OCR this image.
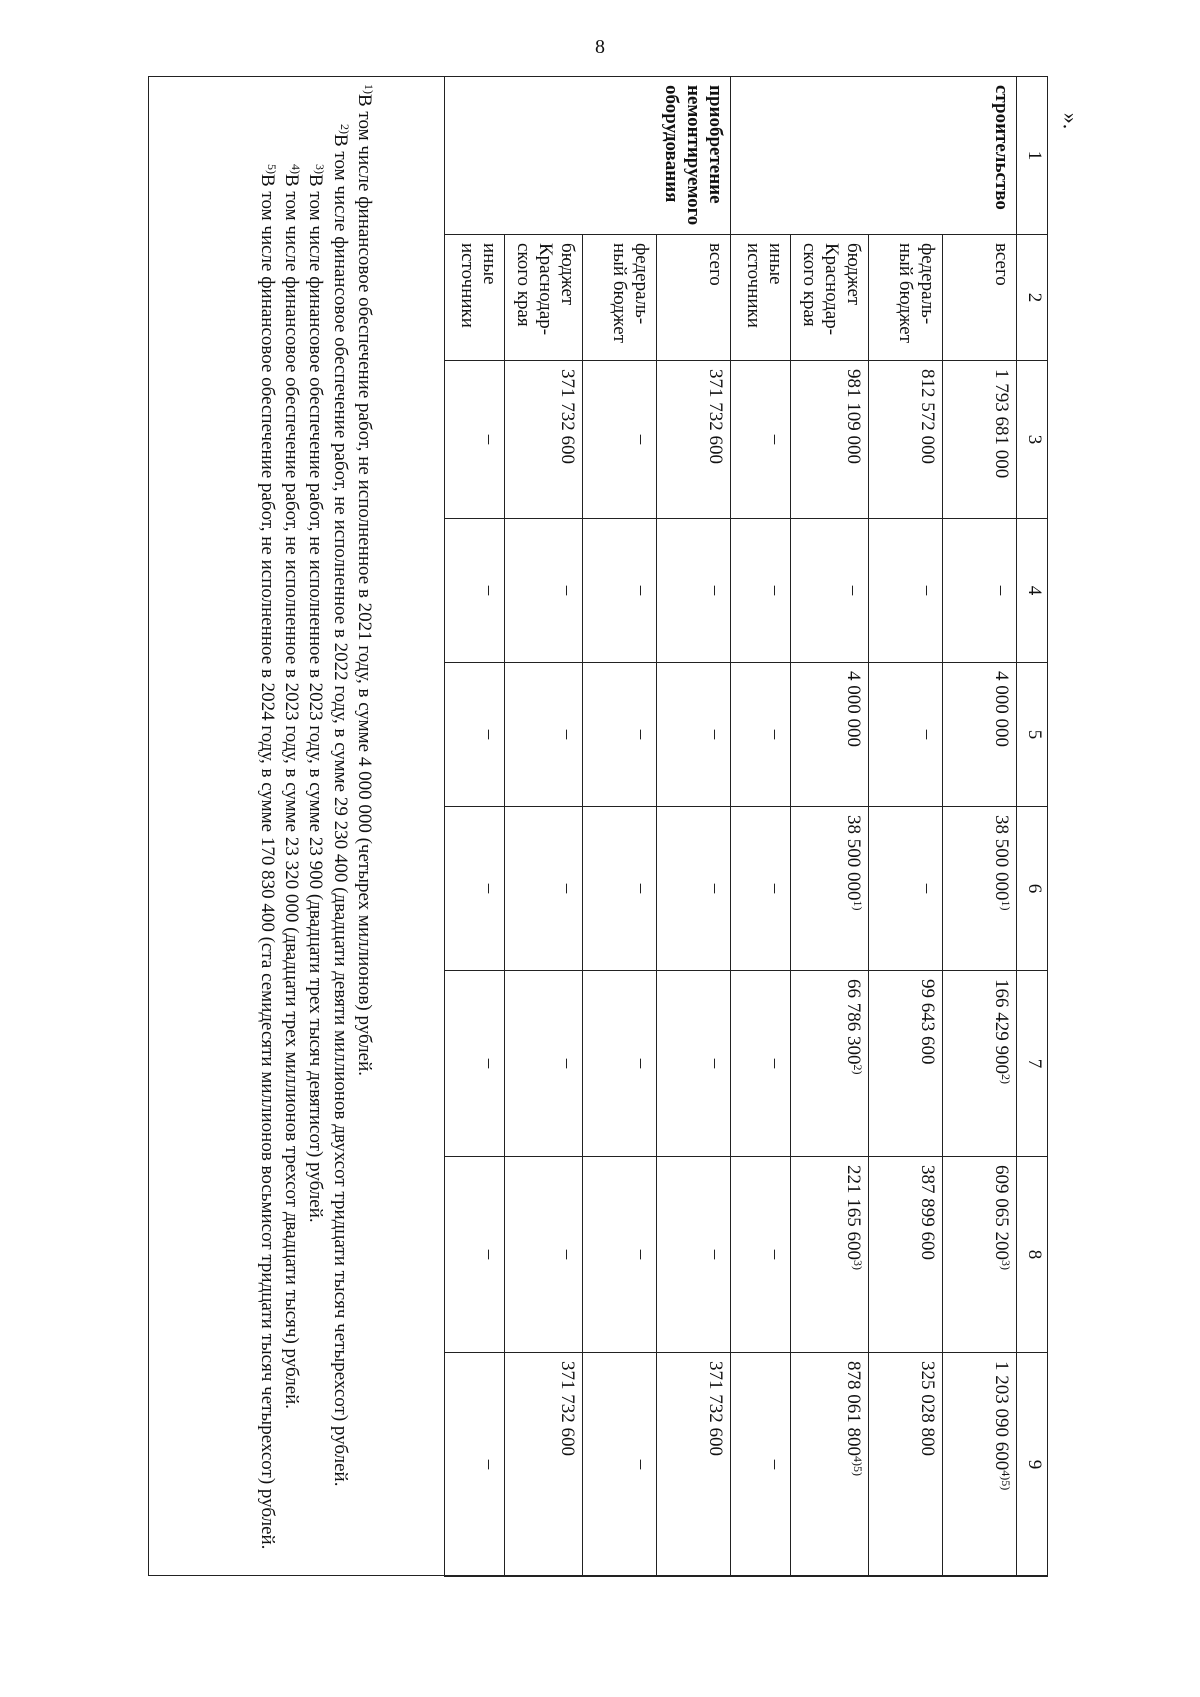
8
».
1	2	3	4	5	6	7	8	9
строительство	всего	1 793 681 000	–	4 000 000	38 500 000$^{1)}$	166 429 900$^{2)}$	609 065 200$^{3)}$	1 203 090 $600^{4)5)}$
	федераль-ный бюджет	812 572 000	–	–	–	99 643 600	387 899 600	325 028 800
	бюджет Краснодар-ского края	981 109 000	–	4 000 000	38 500 000$^{1)}$	66 786 300$^{2)}$	221 165 600$^{3)}$	878 061 $800^{4)5)}$
	иные источники	–	–	–	–	–	–	–
приобретение немонтируемого оборудования	всего	371 732 600	–	–	–	–	–	371 732 600
	федераль-ный бюджет	–	–	–	–	–	–	–
	бюджет Краснодар-ского края	371 732 600	–	–	–	–	–	371 732 600
	иные источники	–	–	–	–	–	–	–

$^{1)}$В том числе финансовое обеспечение работ, не исполненное в 2021 году, в сумме 4 000 000 (четырех миллионов) рублей.

$^{2)}$В том числе финансовое обеспечение работ, не исполненное в 2022 году, в сумме 29 230 400 (двадцати девяти миллионов двухсот тридцати тысяч четырехсот) рублей.

$^{3)}$В том числе финансовое обеспечение работ, не исполненное в 2023 году, в сумме 23 900 (двадцати трех тысяч девятисот) рублей.

$^{4)}$В том числе финансовое обеспечение работ, не исполненное в 2023 году, в сумме 23 320 000 (двадцати трех миллионов трехсот двадцати тысяч) рублей.

$^{5)}$В том числе финансовое обеспечение работ, не исполненное в 2024 году, в сумме 170 830 400 (ста семидесяти миллионов восьмисот тридцати тысяч четырехсот) рублей.
